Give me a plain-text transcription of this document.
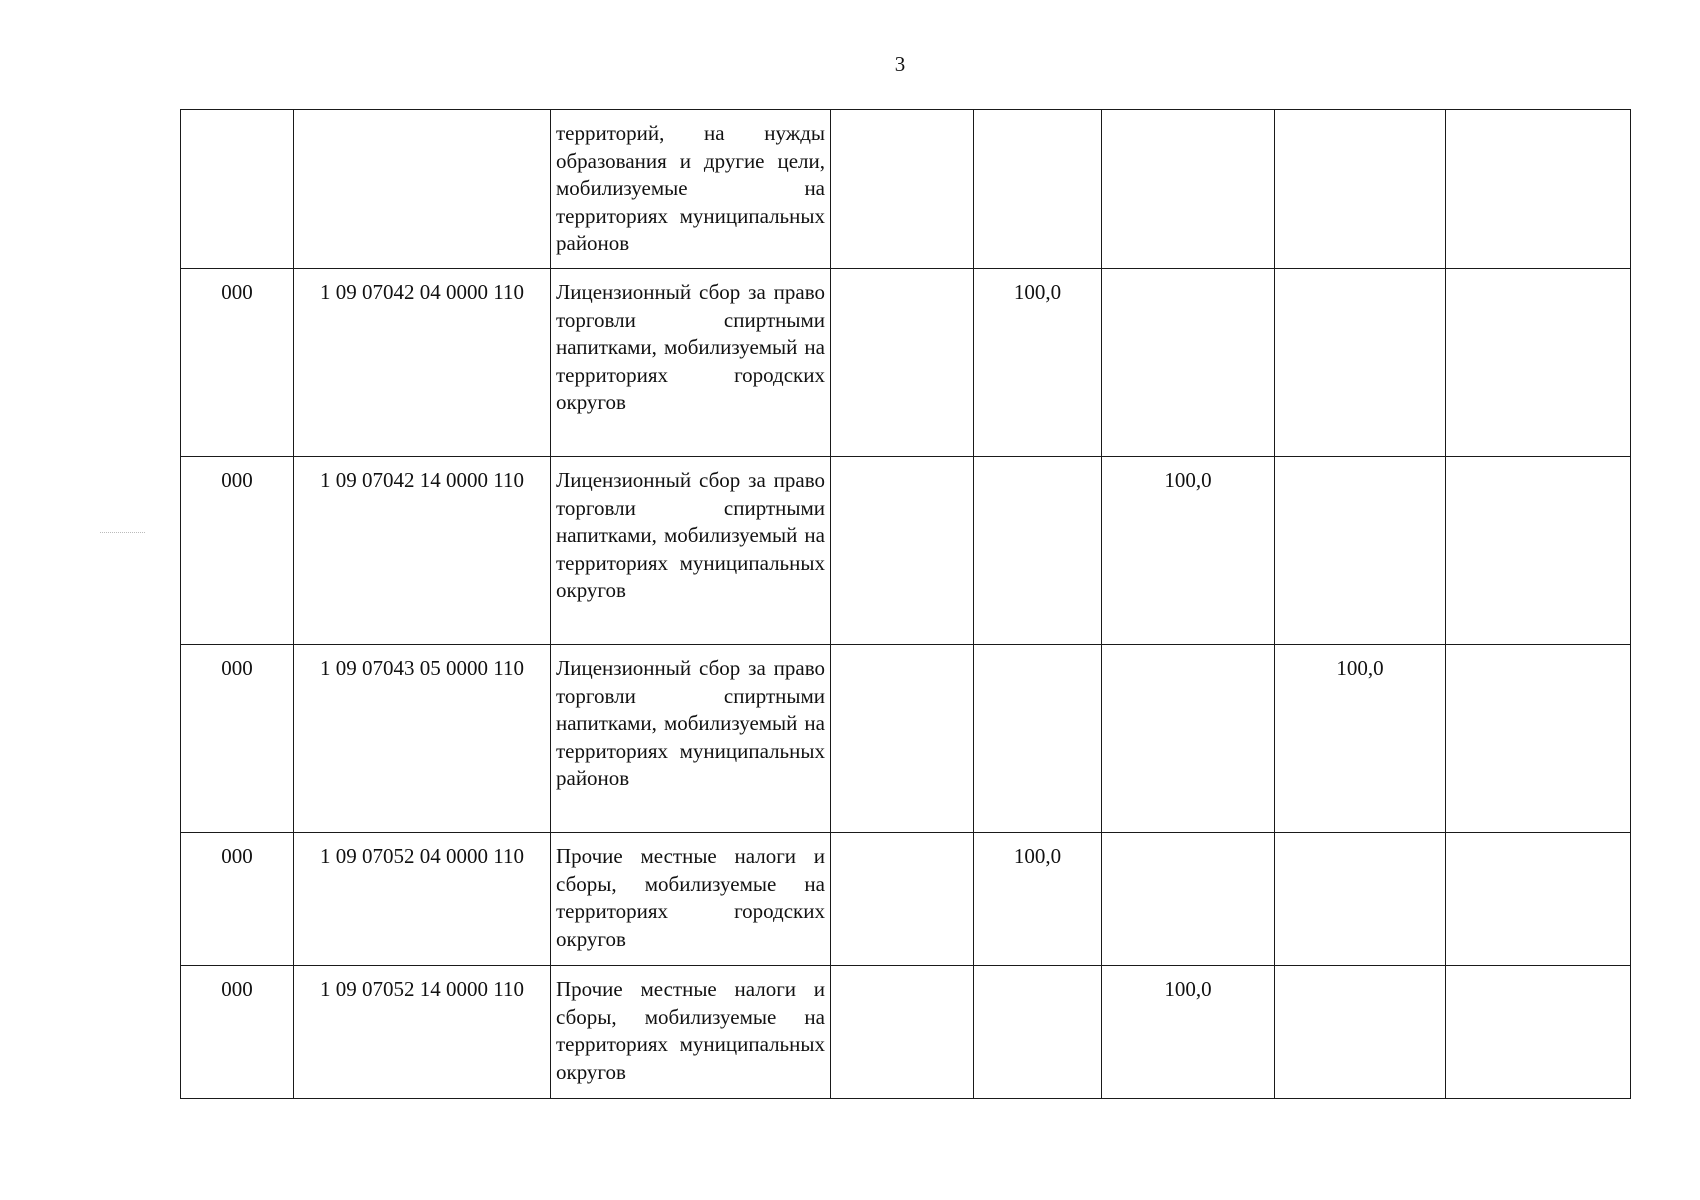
3
		территорий, на нужды образования и другие цели, мобилизуемые на территориях муниципальных районов					
000	1 09 07042 04 0000 110	Лицензионный сбор за право торговли спиртными напитками, мобилизуемый на территориях городских округов		100,0			
000	1 09 07042 14 0000 110	Лицензионный сбор за право торговли спиртными напитками, мобилизуемый на территориях муниципальных округов			100,0		
000	1 09 07043 05 0000 110	Лицензионный сбор за право торговли спиртными напитками, мобилизуемый на территориях муниципальных районов				100,0	
000	1 09 07052 04 0000 110	Прочие местные налоги и сборы, мобилизуемые на территориях городских округов		100,0			
000	1 09 07052 14 0000 110	Прочие местные налоги и сборы, мобилизуемые на территориях муниципальных округов			100,0		
